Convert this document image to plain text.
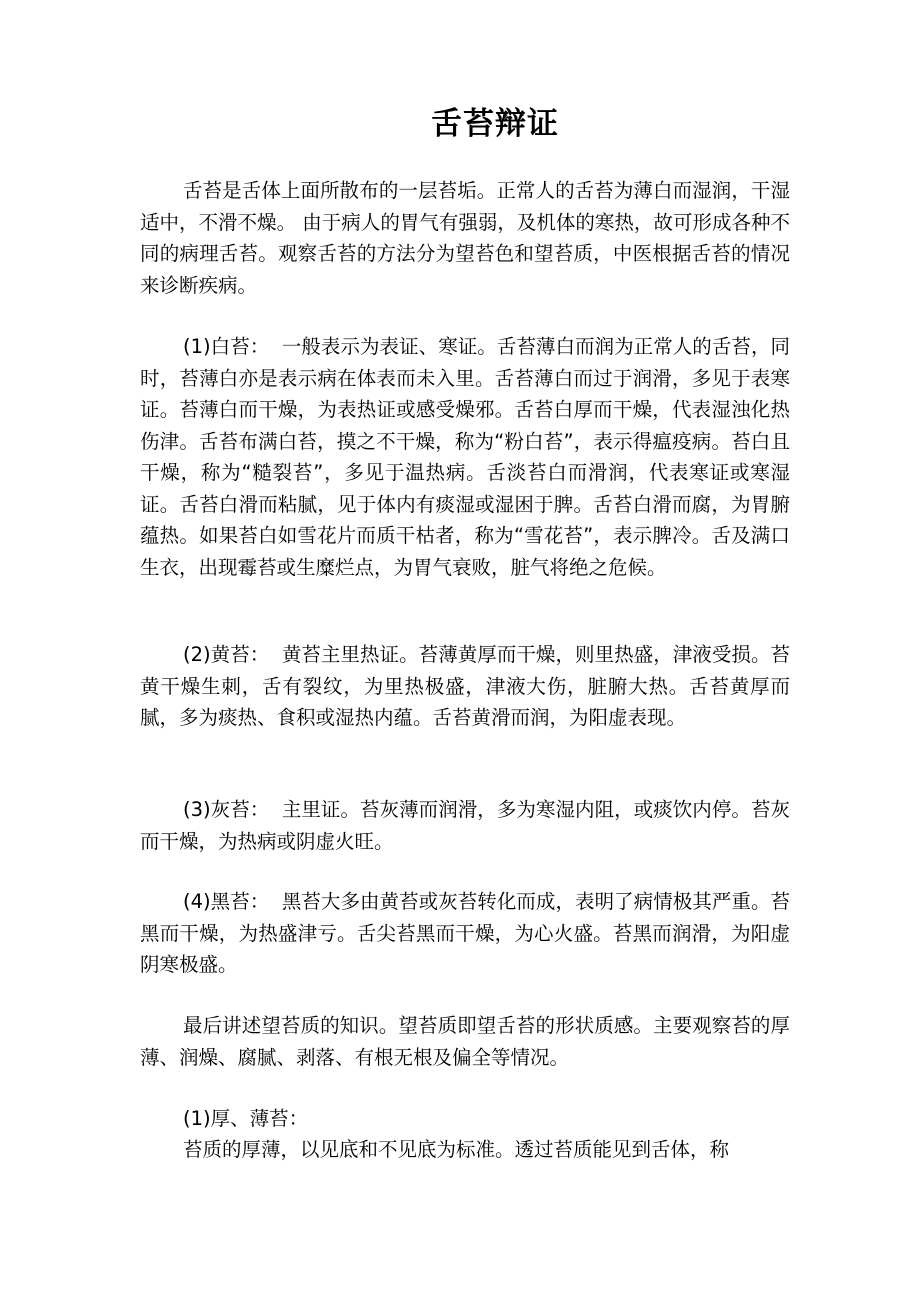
舌苔辩证
舌苔是舌体上面所散布的一层苔垢。正常人的舌苔为薄白而湿润，干湿适中，不滑不燥。 由于病人的胃气有强弱，及机体的寒热，故可形成各种不同的病理舌苔。观察舌苔的方法分为望苔色和望苔质，中医根据舌苔的情况来诊断疾病。
(1)白苔：  一般表示为表证、寒证。舌苔薄白而润为正常人的舌苔，同时，苔薄白亦是表示病在体表而未入里。舌苔薄白而过于润滑，多见于表寒证。苔薄白而干燥，为表热证或感受燥邪。舌苔白厚而干燥，代表湿浊化热伤津。舌苔布满白苔，摸之不干燥，称为“粉白苔”，表示得瘟疫病。苔白且干燥，称为“糙裂苔”，多见于温热病。舌淡苔白而滑润，代表寒证或寒湿证。舌苔白滑而粘腻，见于体内有痰湿或湿困于脾。舌苔白滑而腐，为胃腑蕴热。如果苔白如雪花片而质干枯者，称为“雪花苔”，表示脾冷。舌及满口生衣，出现霉苔或生糜烂点，为胃气衰败，脏气将绝之危候。
(2)黄苔：  黄苔主里热证。苔薄黄厚而干燥，则里热盛，津液受损。苔黄干燥生刺，舌有裂纹，为里热极盛，津液大伤，脏腑大热。舌苔黄厚而腻，多为痰热、食积或湿热内蕴。舌苔黄滑而润，为阳虚表现。
(3)灰苔：  主里证。苔灰薄而润滑，多为寒湿内阻，或痰饮内停。苔灰而干燥，为热病或阴虚火旺。
(4)黑苔：  黑苔大多由黄苔或灰苔转化而成，表明了病情极其严重。苔黑而干燥，为热盛津亏。舌尖苔黑而干燥，为心火盛。苔黑而润滑，为阳虚阴寒极盛。
最后讲述望苔质的知识。望苔质即望舌苔的形状质感。主要观察苔的厚薄、润燥、腐腻、剥落、有根无根及偏全等情况。
(1)厚、薄苔：
苔质的厚薄，以见底和不见底为标准。透过苔质能见到舌体，称
